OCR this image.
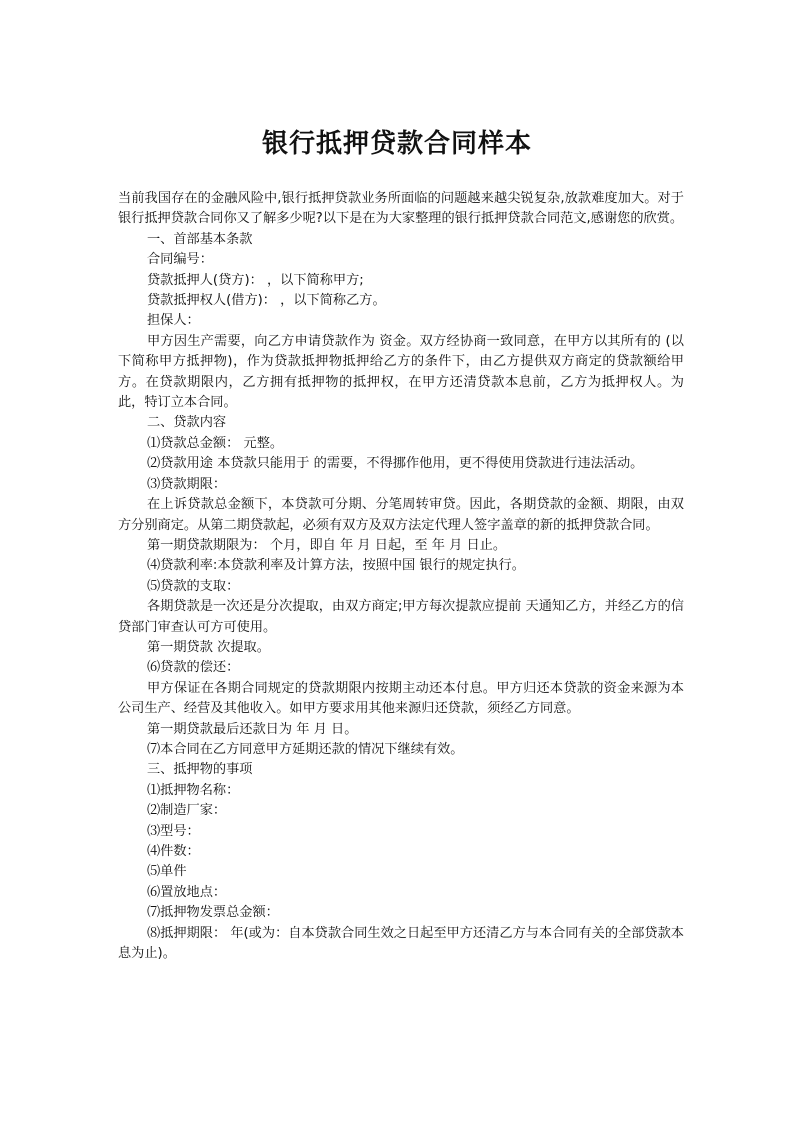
银行抵押贷款合同样本

当前我国存在的金融风险中,银行抵押贷款业务所面临的问题越来越尖锐复杂,放款难度加大。对于银行抵押贷款合同你又了解多少呢?以下是在为大家整理的银行抵押贷款合同范文,感谢您的欣赏。

一、首部基本条款

合同编号：

贷款抵押人(贷方)： ，以下简称甲方;

贷款抵押权人(借方)： ，以下简称乙方。

担保人：

甲方因生产需要，向乙方申请贷款作为 资金。双方经协商一致同意，在甲方以其所有的 (以下简称甲方抵押物)，作为贷款抵押物抵押给乙方的条件下，由乙方提供双方商定的贷款额给甲方。在贷款期限内，乙方拥有抵押物的抵押权，在甲方还清贷款本息前，乙方为抵押权人。为此，特订立本合同。

二、贷款内容

⑴贷款总金额： 元整。

⑵贷款用途 本贷款只能用于 的需要，不得挪作他用，更不得使用贷款进行违法活动。

⑶贷款期限：

在上诉贷款总金额下，本贷款可分期、分笔周转审贷。因此，各期贷款的金额、期限，由双方分别商定。从第二期贷款起，必须有双方及双方法定代理人签字盖章的新的抵押贷款合同。

第一期贷款期限为： 个月，即自 年 月 日起，至 年 月 日止。

⑷贷款利率:本贷款利率及计算方法，按照中国 银行的规定执行。

⑸贷款的支取：

各期贷款是一次还是分次提取，由双方商定;甲方每次提款应提前 天通知乙方，并经乙方的信贷部门审查认可方可使用。

第一期贷款 次提取。

⑹贷款的偿还：

甲方保证在各期合同规定的贷款期限内按期主动还本付息。甲方归还本贷款的资金来源为本公司生产、经营及其他收入。如甲方要求用其他来源归还贷款，须经乙方同意。

第一期贷款最后还款日为 年 月 日。

⑺本合同在乙方同意甲方延期还款的情况下继续有效。

三、抵押物的事项

⑴抵押物名称：

⑵制造厂家：

⑶型号：

⑷件数：

⑸单件

⑹置放地点：

⑺抵押物发票总金额：

⑻抵押期限： 年(或为：自本贷款合同生效之日起至甲方还清乙方与本合同有关的全部贷款本息为止)。
